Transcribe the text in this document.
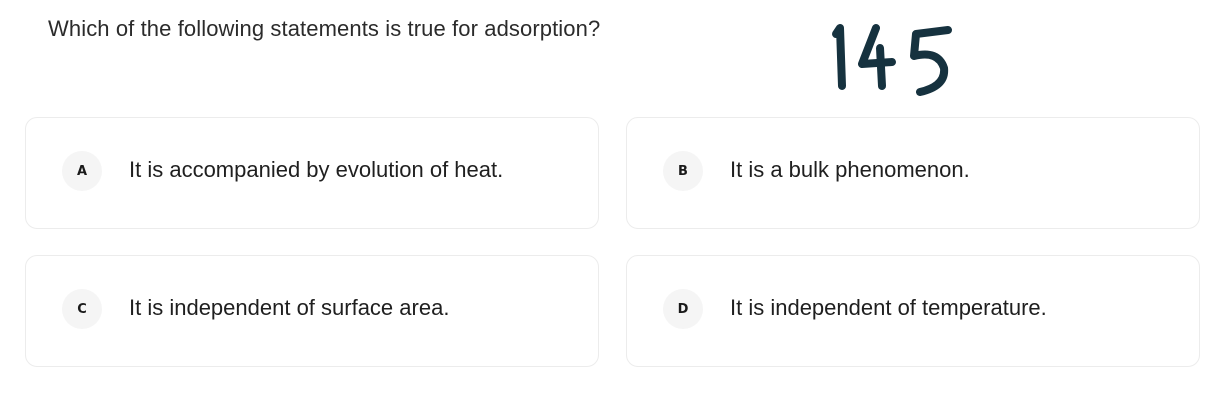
Which of the following statements is true for adsorption?
A	It is accompanied by evolution of heat.	B	It is a bulk phenomenon.
C	It is independent of surface area.	D	It is independent of temperature.
